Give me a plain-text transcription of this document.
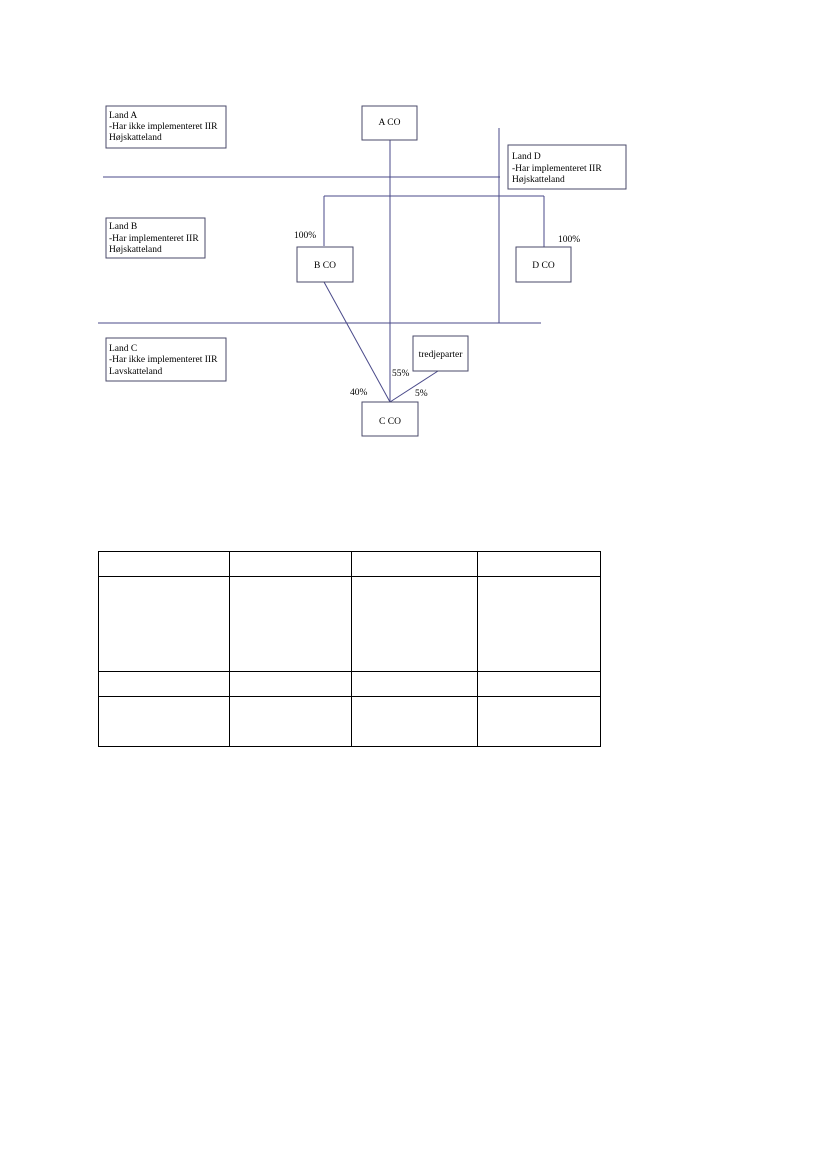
Land A
-Har ikke implementeret IIR
Højskatteland
Land D
-Har implementeret IIR
Højskatteland
Land B
-Har implementeret IIR
Højskatteland
Land C
-Har ikke implementeret IIR
Lavskatteland
A CO
B CO	D CO
tredjeparter
C CO
100%	100%
40%
55%
5%
